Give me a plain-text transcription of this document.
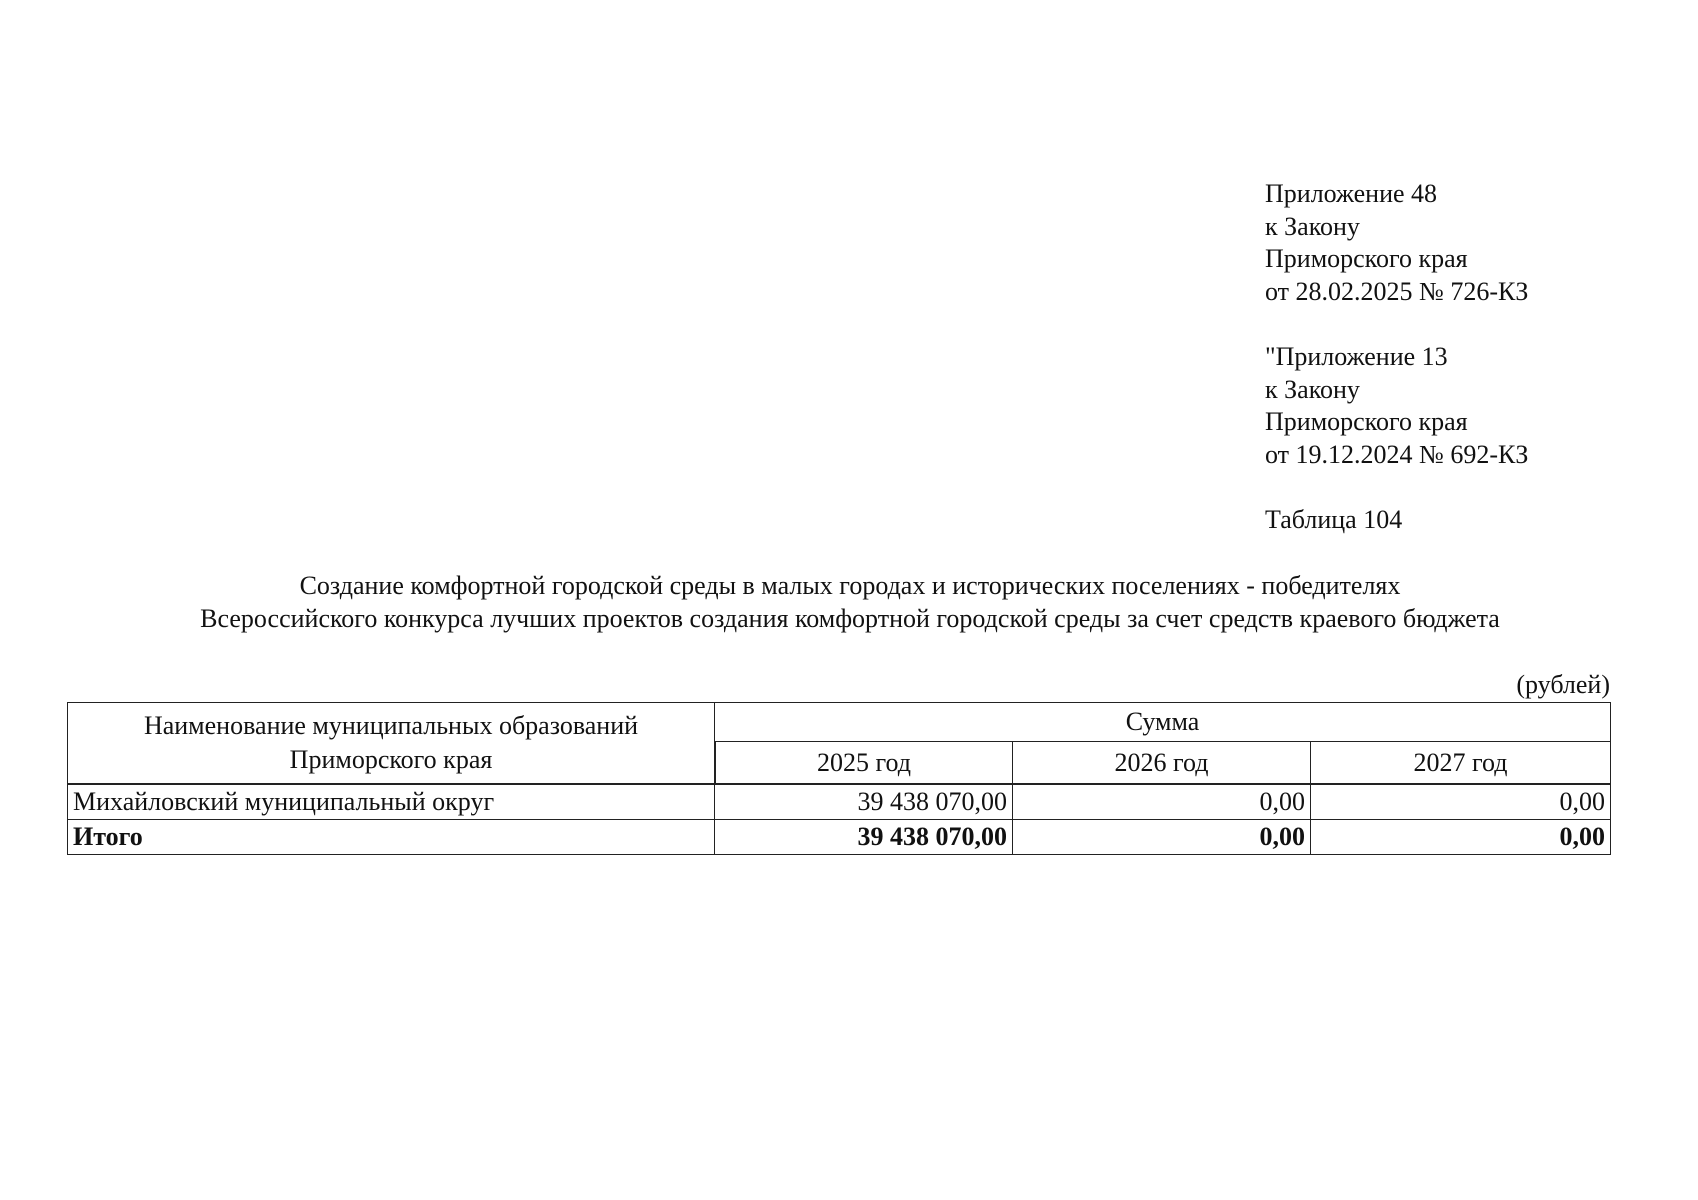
Приложение 48
к Закону
Приморского края
от 28.02.2025 № 726-КЗ
"Приложение 13
к Закону
Приморского края
от 19.12.2024 № 692-КЗ
Таблица 104
Создание комфортной городской среды в малых городах и исторических поселениях - победителях
Всероссийского конкурса лучших проектов создания комфортной городской среды за счет средств краевого бюджета
(рублей)
Наименование муниципальных образований Приморского края	Сумма		
	2025 год	2026 год	2027 год
Михайловский муниципальный округ	39 438 070,00	0,00	0,00
Итого	39 438 070,00	0,00	0,00
